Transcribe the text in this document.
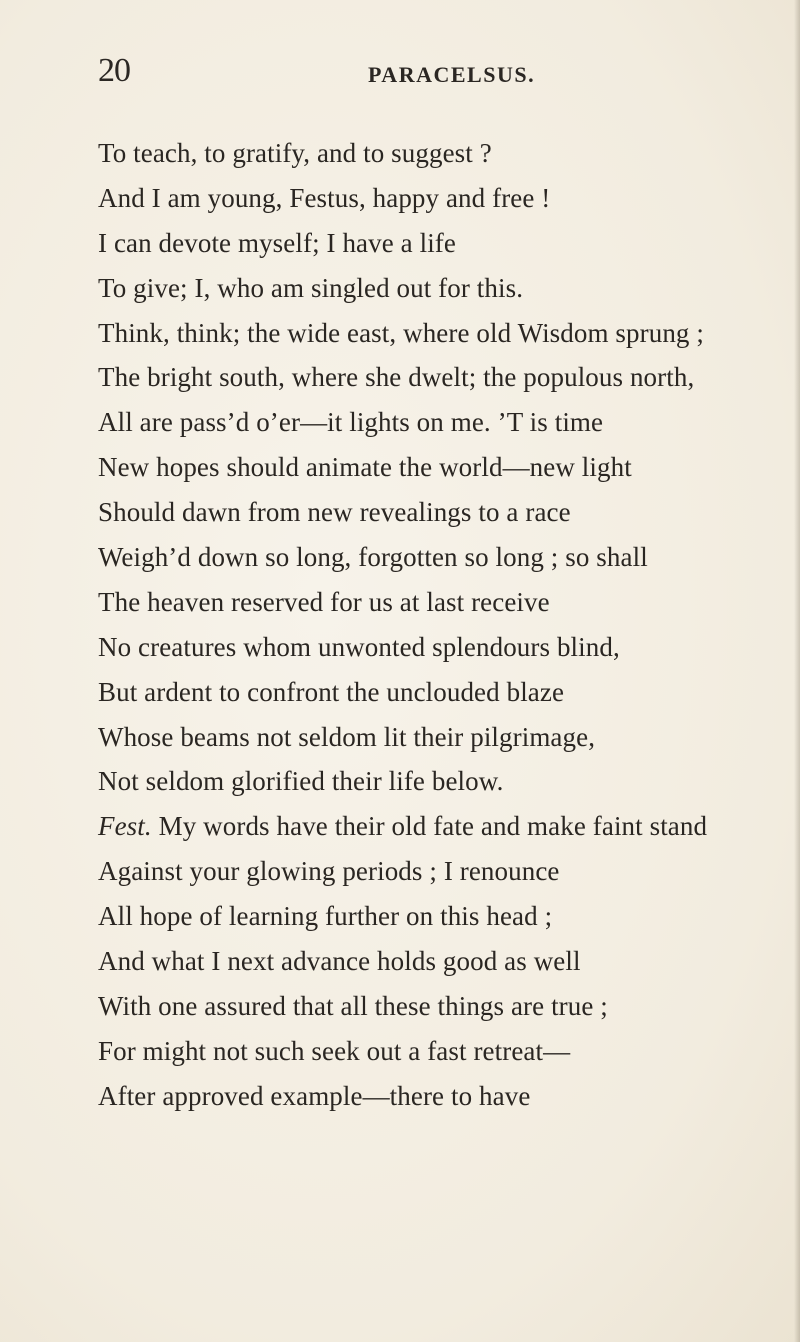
20	PARACELSUS.
To teach, to gratify, and to suggest ?
And I am young, Festus, happy and free !
I can devote myself; I have a life
To give; I, who am singled out for this.
Think, think; the wide east, where old Wisdom sprung ;
The bright south, where she dwelt; the populous north,
All are pass’d o’er—it lights on me. ’T is time
New hopes should animate the world—new light
Should dawn from new revealings to a race
Weigh’d down so long, forgotten so long ; so shall
The heaven reserved for us at last receive
No creatures whom unwonted splendours blind,
But ardent to confront the unclouded blaze
Whose beams not seldom lit their pilgrimage,
Not seldom glorified their life below.
Fest. My words have their old fate and make faint stand
Against your glowing periods ; I renounce
All hope of learning further on this head ;
And what I next advance holds good as well
With one assured that all these things are true ;
For might not such seek out a fast retreat—
After approved example—there to have
